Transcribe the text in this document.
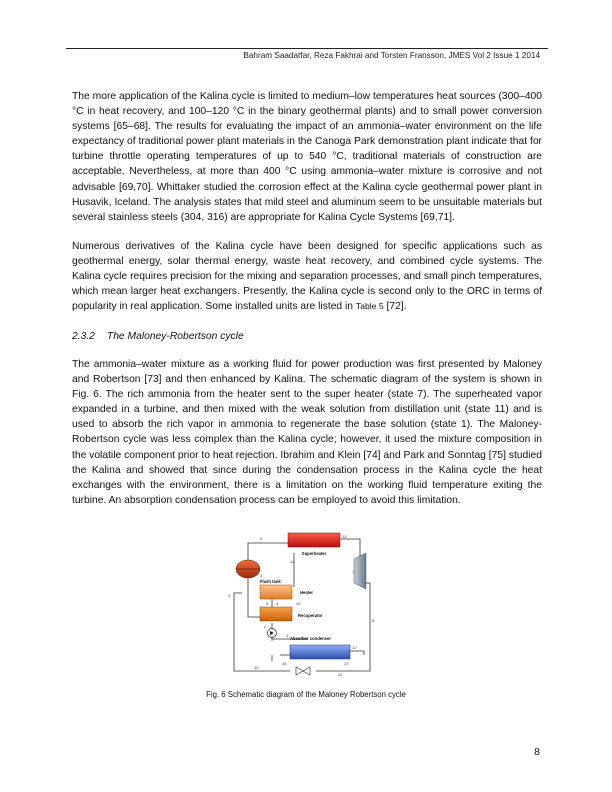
Bahram Saadatfar, Reza Fakhrai and Torsten Fransson, JMES Vol 2 Issue 1 2014

The more application of the Kalina cycle is limited to medium–low temperatures heat sources (300–400 °C in heat recovery, and 100–120 °C in the binary geothermal plants) and to small power conversion systems [65–68]. The results for evaluating the impact of an ammonia–water environment on the life expectancy of traditional power plant materials in the Canoga Park demonstration plant indicate that for turbine throttle operating temperatures of up to 540 °C, traditional materials of construction are acceptable. Nevertheless, at more than 400 °C using ammonia–water mixture is corrosive and not advisable [69,70]. Whittaker studied the corrosion effect at the Kalina cycle geothermal power plant in Husavik, Iceland. The analysis states that mild steel and aluminum seem to be unsuitable materials but several stainless steels (304, 316) are appropriate for Kalina Cycle Systems [69,71].

Numerous derivatives of the Kalina cycle have been designed for specific applications such as geothermal energy, solar thermal energy, waste heat recovery, and combined cycle systems. The Kalina cycle requires precision for the mixing and separation processes, and small pinch temperatures, which mean larger heat exchangers. Presently, the Kalina cycle is second only to the ORC in terms of popularity in real application. Some installed units are listed in Table 5 [72].

2.3.2 The Maloney-Robertson cycle

The ammonia–water mixture as a working fluid for power production was first presented by Maloney and Robertson [73] and then enhanced by Kalina. The schematic diagram of the system is shown in Fig. 6. The rich ammonia from the heater sent to the super heater (state 7). The superheated vapor expanded in a turbine, and then mixed with the weak solution from distillation unit (state 11) and is used to absorb the rich vapor in ammonia to regenerate the base solution (state 1). The Maloney-Robertson cycle was less complex than the Kalina cycle; however, it used the mixture composition in the volatile component prior to heat rejection. Ibrahim and Klein [74] and Park and Sonntag [75] studied the Kalina and showed that since during the condensation process in the Kalina cycle the heat exchanges with the environment, there is a limitation on the working fluid temperature exiting the turbine. An absorption condensation process can be employed to avoid this limitation.

Superheater
Flash tank
Heater
Recuperator
Absorber condenser
1
2
3
4
5
6
7
8
9
10
11
12
13
14
15
16	17
Fig. 6 Schematic diagram of the Maloney Robertson cycle
8
